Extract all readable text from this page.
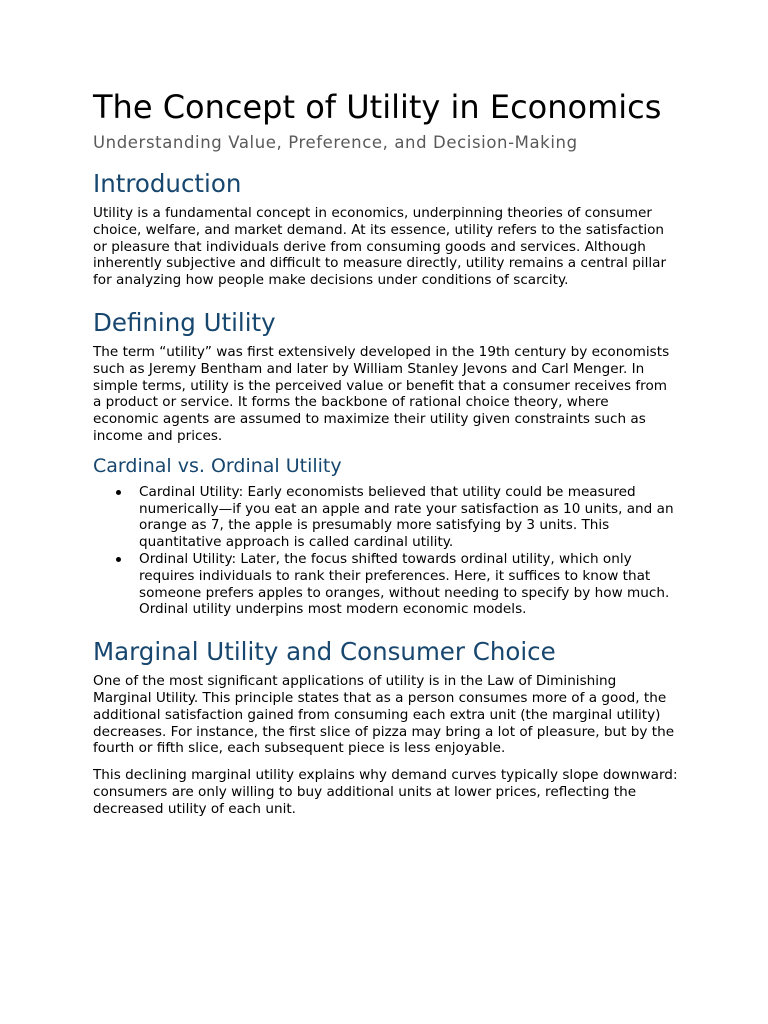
The Concept of Utility in Economics
Understanding Value, Preference, and Decision-Making
Introduction

Utility is a fundamental concept in economics, underpinning theories of consumer choice, welfare, and market demand. At its essence, utility refers to the satisfaction or pleasure that individuals derive from consuming goods and services. Although inherently subjective and difficult to measure directly, utility remains a central pillar for analyzing how people make decisions under conditions of scarcity.

Defining Utility

The term “utility” was first extensively developed in the 19th century by economists such as Jeremy Bentham and later by William Stanley Jevons and Carl Menger. In simple terms, utility is the perceived value or benefit that a consumer receives from a product or service. It forms the backbone of rational choice theory, where economic agents are assumed to maximize their utility given constraints such as income and prices.

Cardinal vs. Ordinal Utility
Cardinal Utility: Early economists believed that utility could be measured numerically—if you eat an apple and rate your satisfaction as 10 units, and an orange as 7, the apple is presumably more satisfying by 3 units. This quantitative approach is called cardinal utility.
Ordinal Utility: Later, the focus shifted towards ordinal utility, which only requires individuals to rank their preferences. Here, it suffices to know that someone prefers apples to oranges, without needing to specify by how much. Ordinal utility underpins most modern economic models.
Marginal Utility and Consumer Choice

One of the most significant applications of utility is in the Law of Diminishing Marginal Utility. This principle states that as a person consumes more of a good, the additional satisfaction gained from consuming each extra unit (the marginal utility) decreases. For instance, the first slice of pizza may bring a lot of pleasure, but by the fourth or fifth slice, each subsequent piece is less enjoyable.

This declining marginal utility explains why demand curves typically slope downward: consumers are only willing to buy additional units at lower prices, reflecting the decreased utility of each unit.
